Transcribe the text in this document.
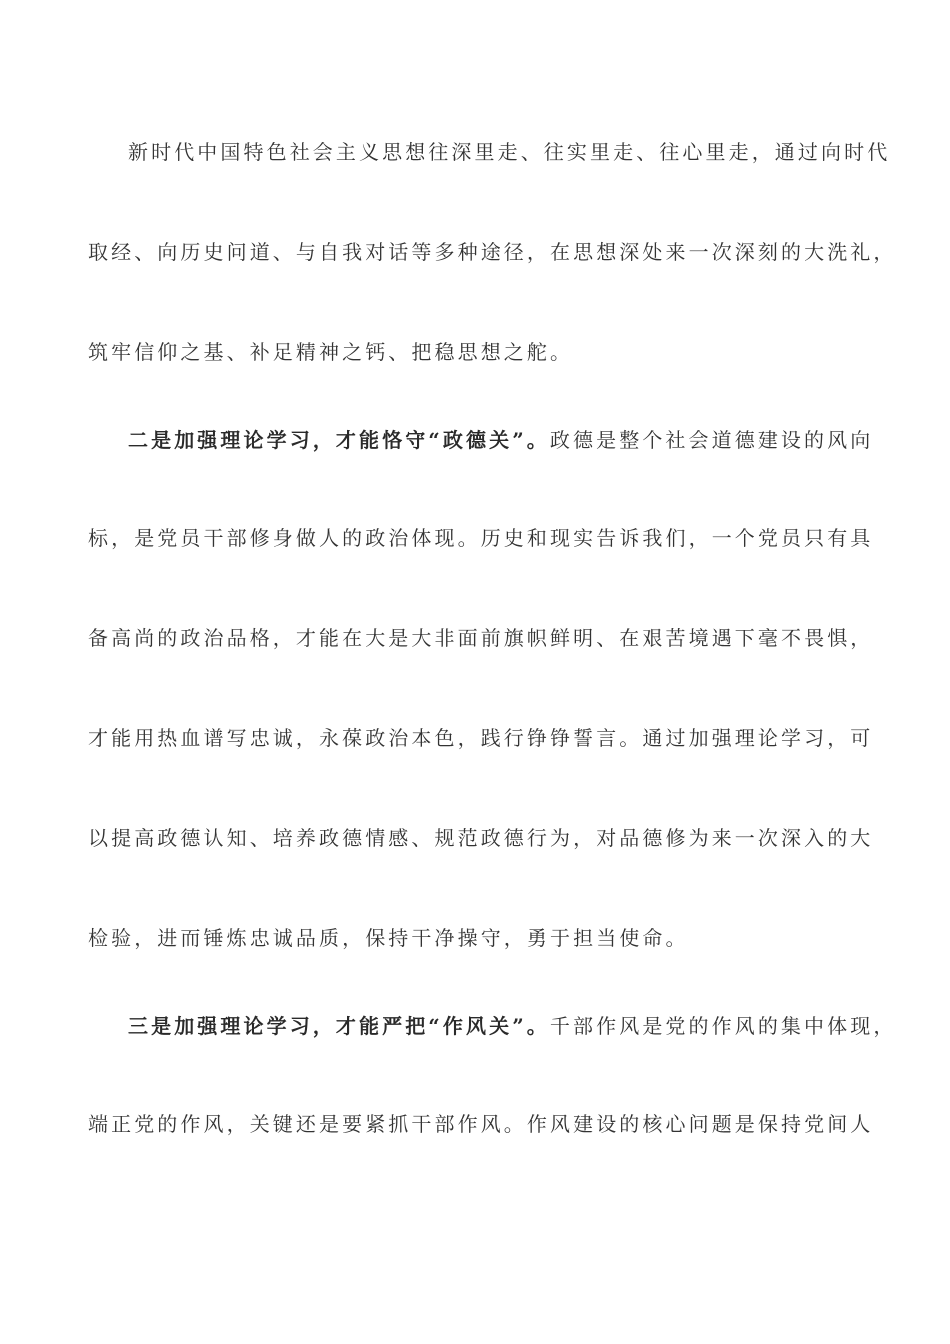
新时代中国特色社会主义思想往深里走、往实里走、往心里走，通过向时代
取经、向历史问道、与自我对话等多种途径，在思想深处来一次深刻的大洗礼，
筑牢信仰之基、补足精神之钙、把稳思想之舵。
二是加强理论学习，才能恪守“政德关”。政德是整个社会道德建设的风向
标，是党员干部修身做人的政治体现。历史和现实告诉我们，一个党员只有具
备高尚的政治品格，才能在大是大非面前旗帜鲜明、在艰苦境遇下毫不畏惧，
才能用热血谱写忠诚，永葆政治本色，践行铮铮誓言。通过加强理论学习，可
以提高政德认知、培养政德情感、规范政德行为，对品德修为来一次深入的大
检验，进而锤炼忠诚品质，保持干净操守，勇于担当使命。
三是加强理论学习，才能严把“作风关”。千部作风是党的作风的集中体现，
端正党的作风，关键还是要紧抓干部作风。作风建设的核心问题是保持党间人
